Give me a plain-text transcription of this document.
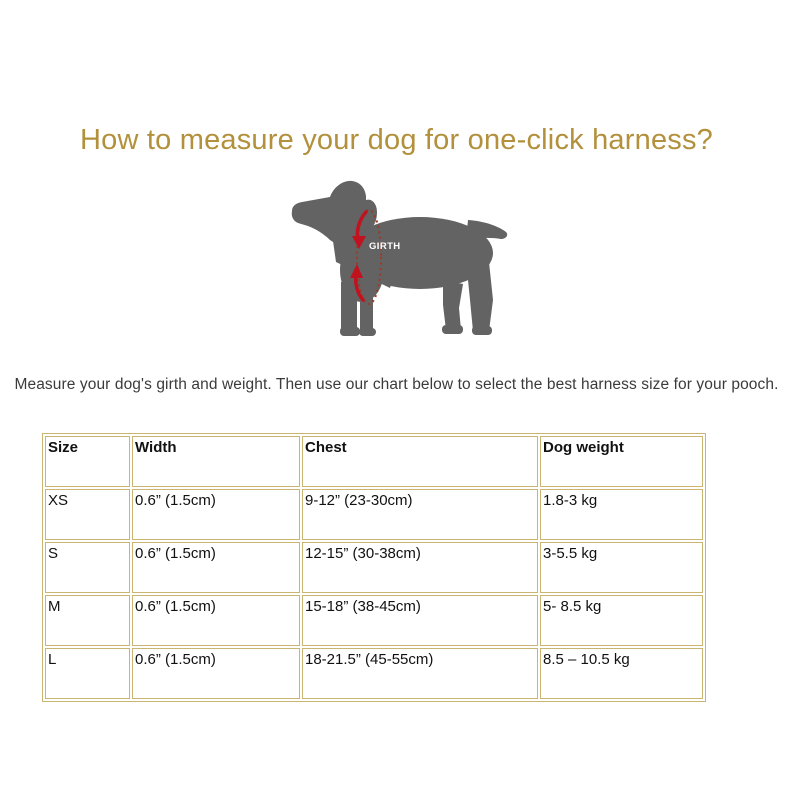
How to measure your dog for one-click harness?
GIRTH
Measure your dog's girth and weight. Then use our chart below to select the best harness size for your pooch.
Size	Width	Chest	Dog weight
XS	0.6” (1.5cm)	9-12” (23-30cm)	1.8-3 kg
S	0.6” (1.5cm)	12-15” (30-38cm)	3-5.5 kg
M	0.6” (1.5cm)	15-18” (38-45cm)	5- 8.5 kg
L	0.6” (1.5cm)	18-21.5” (45-55cm)	8.5 – 10.5 kg
